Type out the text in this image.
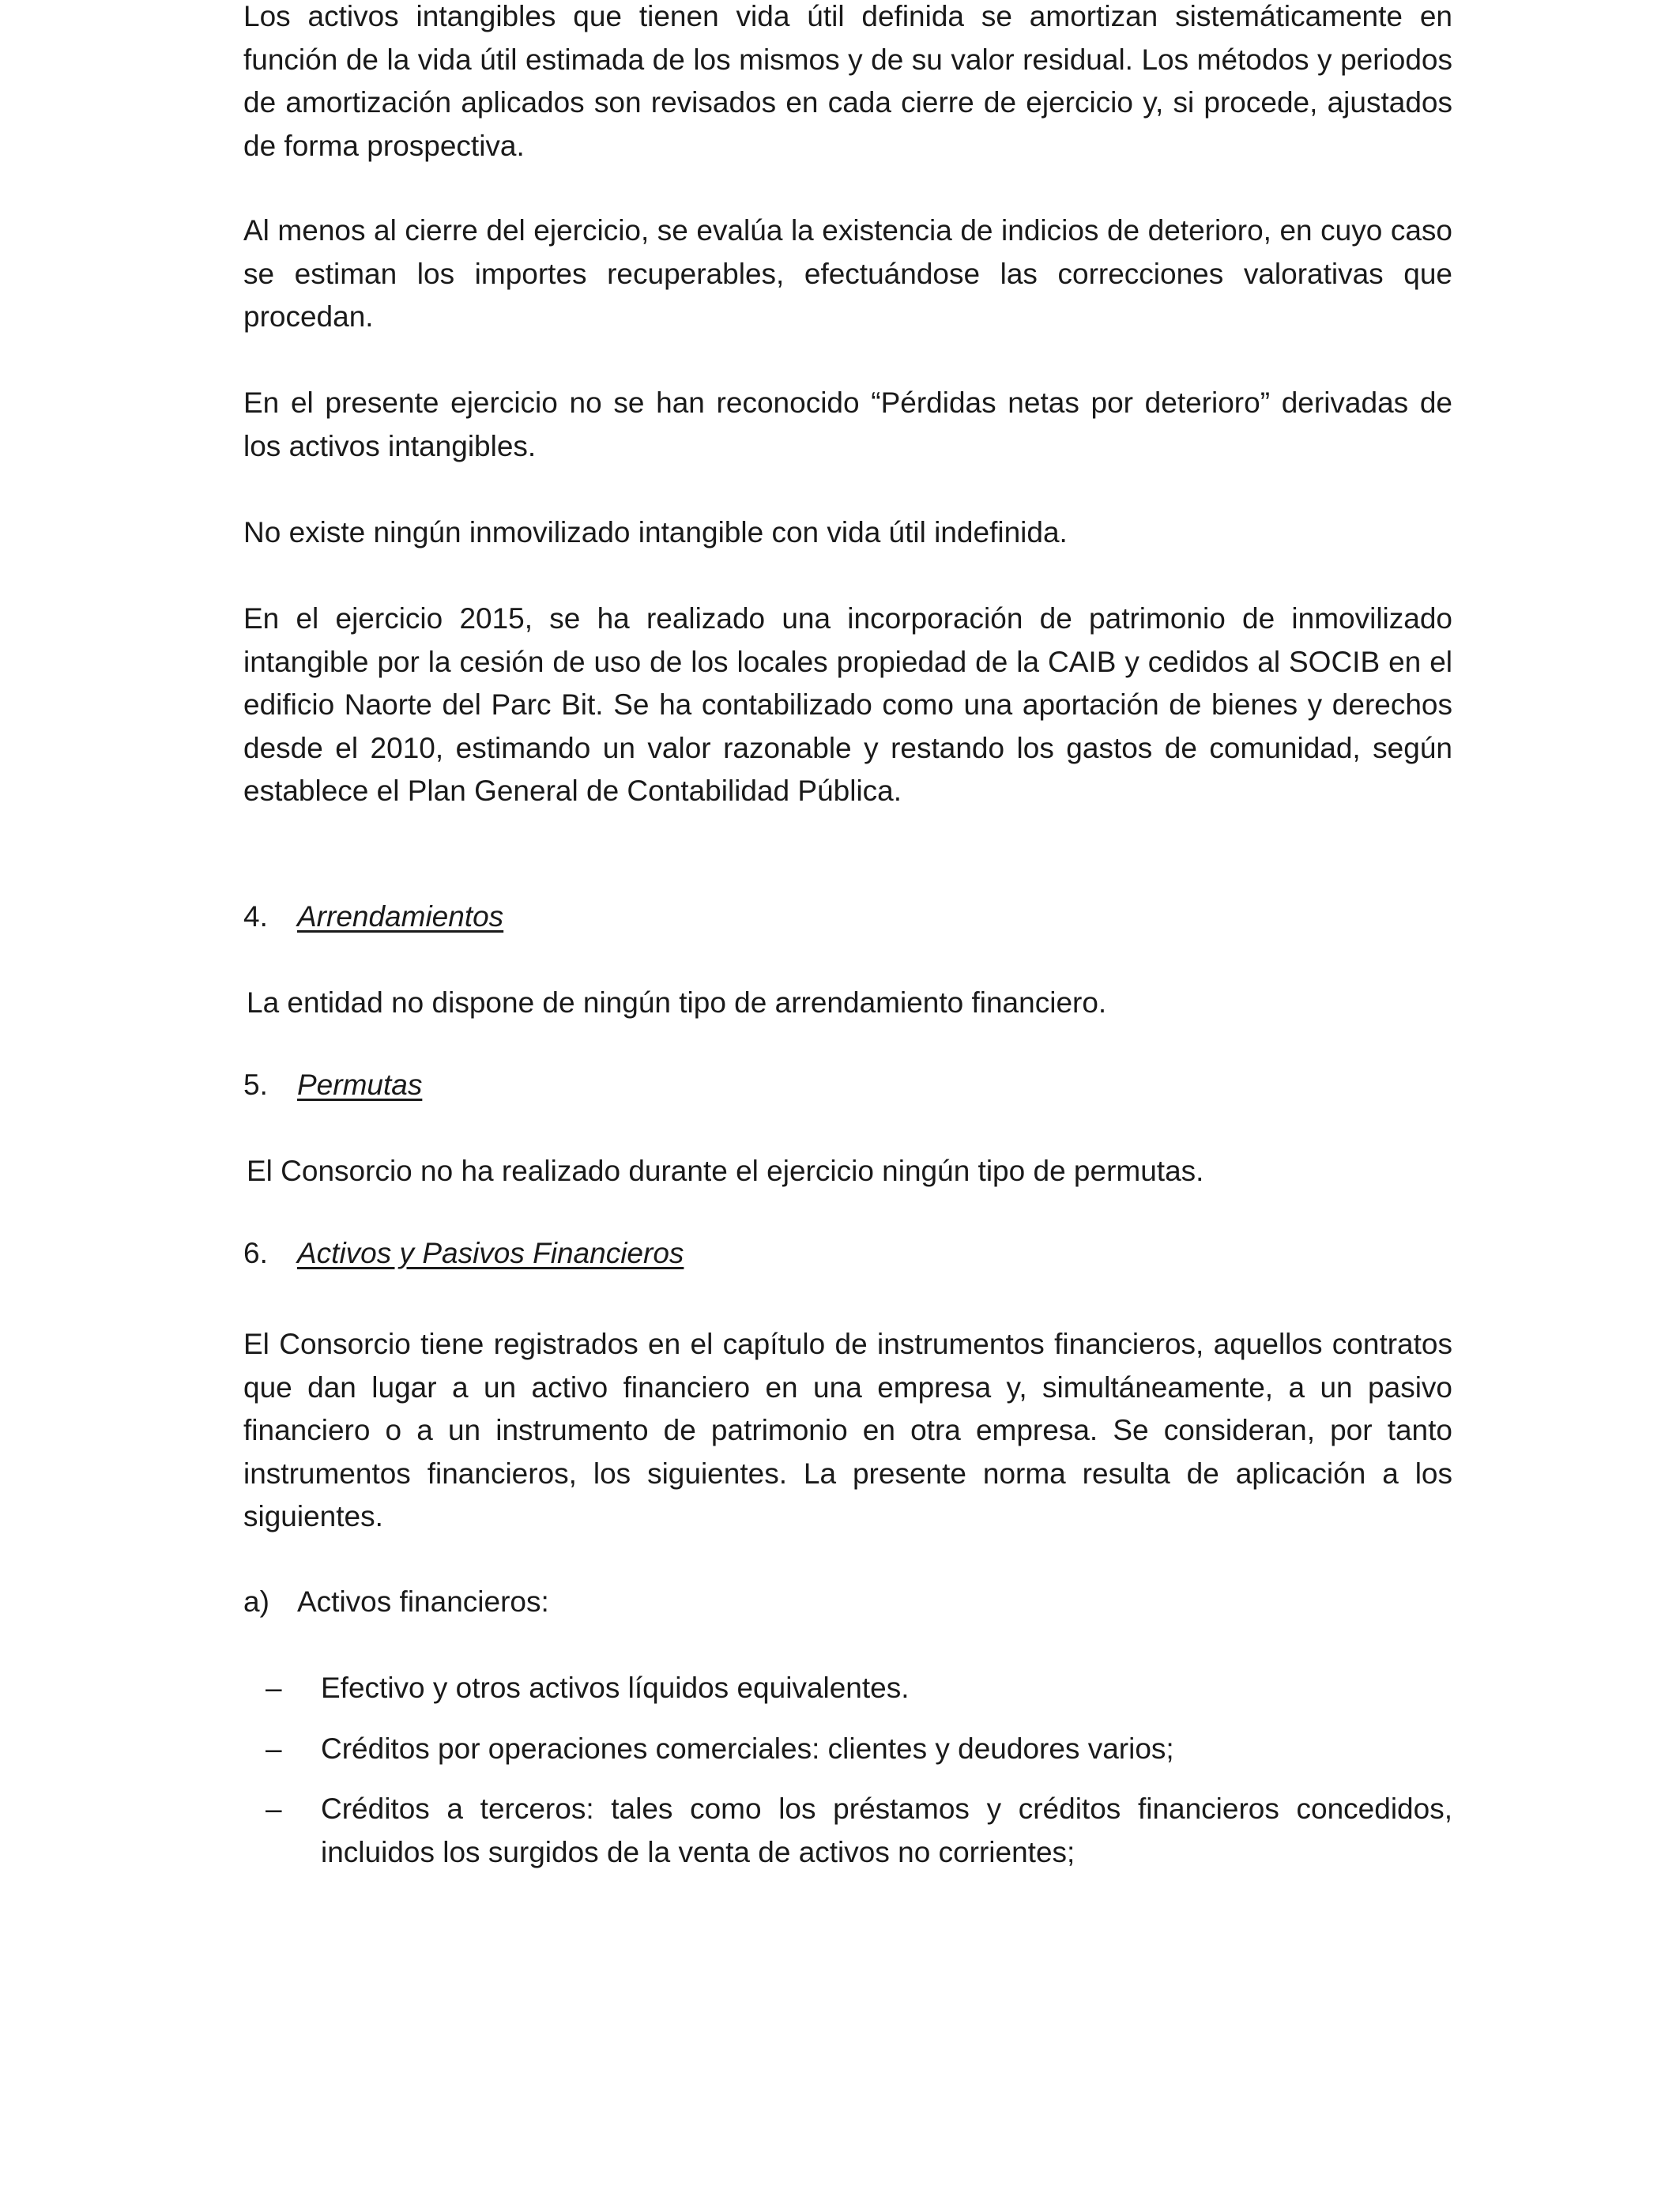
Los activos intangibles que tienen vida útil definida se amortizan sistemáticamente en función de la vida útil estimada de los mismos y de su valor residual. Los métodos y periodos de amortización aplicados son revisados en cada cierre de ejercicio y, si procede, ajustados de forma prospectiva.

Al menos al cierre del ejercicio, se evalúa la existencia de indicios de deterioro, en cuyo caso se estiman los importes recuperables, efectuándose las correcciones valorativas que procedan.

En el presente ejercicio no se han reconocido “Pérdidas netas por deterioro” derivadas de los activos intangibles.

No existe ningún inmovilizado intangible con vida útil indefinida.

En el ejercicio 2015, se ha realizado una incorporación de patrimonio de inmovilizado intangible por la cesión de uso de los locales propiedad de la CAIB y cedidos al SOCIB en el edificio Naorte del Parc Bit. Se ha contabilizado como una aportación de bienes y derechos desde el 2010, estimando un valor razonable y restando los gastos de comunidad, según establece el Plan General de Contabilidad Pública.

4. Arrendamientos

La entidad no dispone de ningún tipo de arrendamiento financiero.

5. Permutas

El Consorcio no ha realizado durante el ejercicio ningún tipo de permutas.

6. Activos y Pasivos Financieros

El Consorcio tiene registrados en el capítulo de instrumentos financieros, aquellos contratos que dan lugar a un activo financiero en una empresa y, simultáneamente, a un pasivo financiero o a un instrumento de patrimonio en otra empresa. Se consideran, por tanto instrumentos financieros, los siguientes. La presente norma resulta de aplicación a los siguientes.

a) Activos financieros:
– Efectivo y otros activos líquidos equivalentes.
– Créditos por operaciones comerciales: clientes y deudores varios;
– Créditos a terceros: tales como los préstamos y créditos financieros concedidos, incluidos los surgidos de la venta de activos no corrientes;
